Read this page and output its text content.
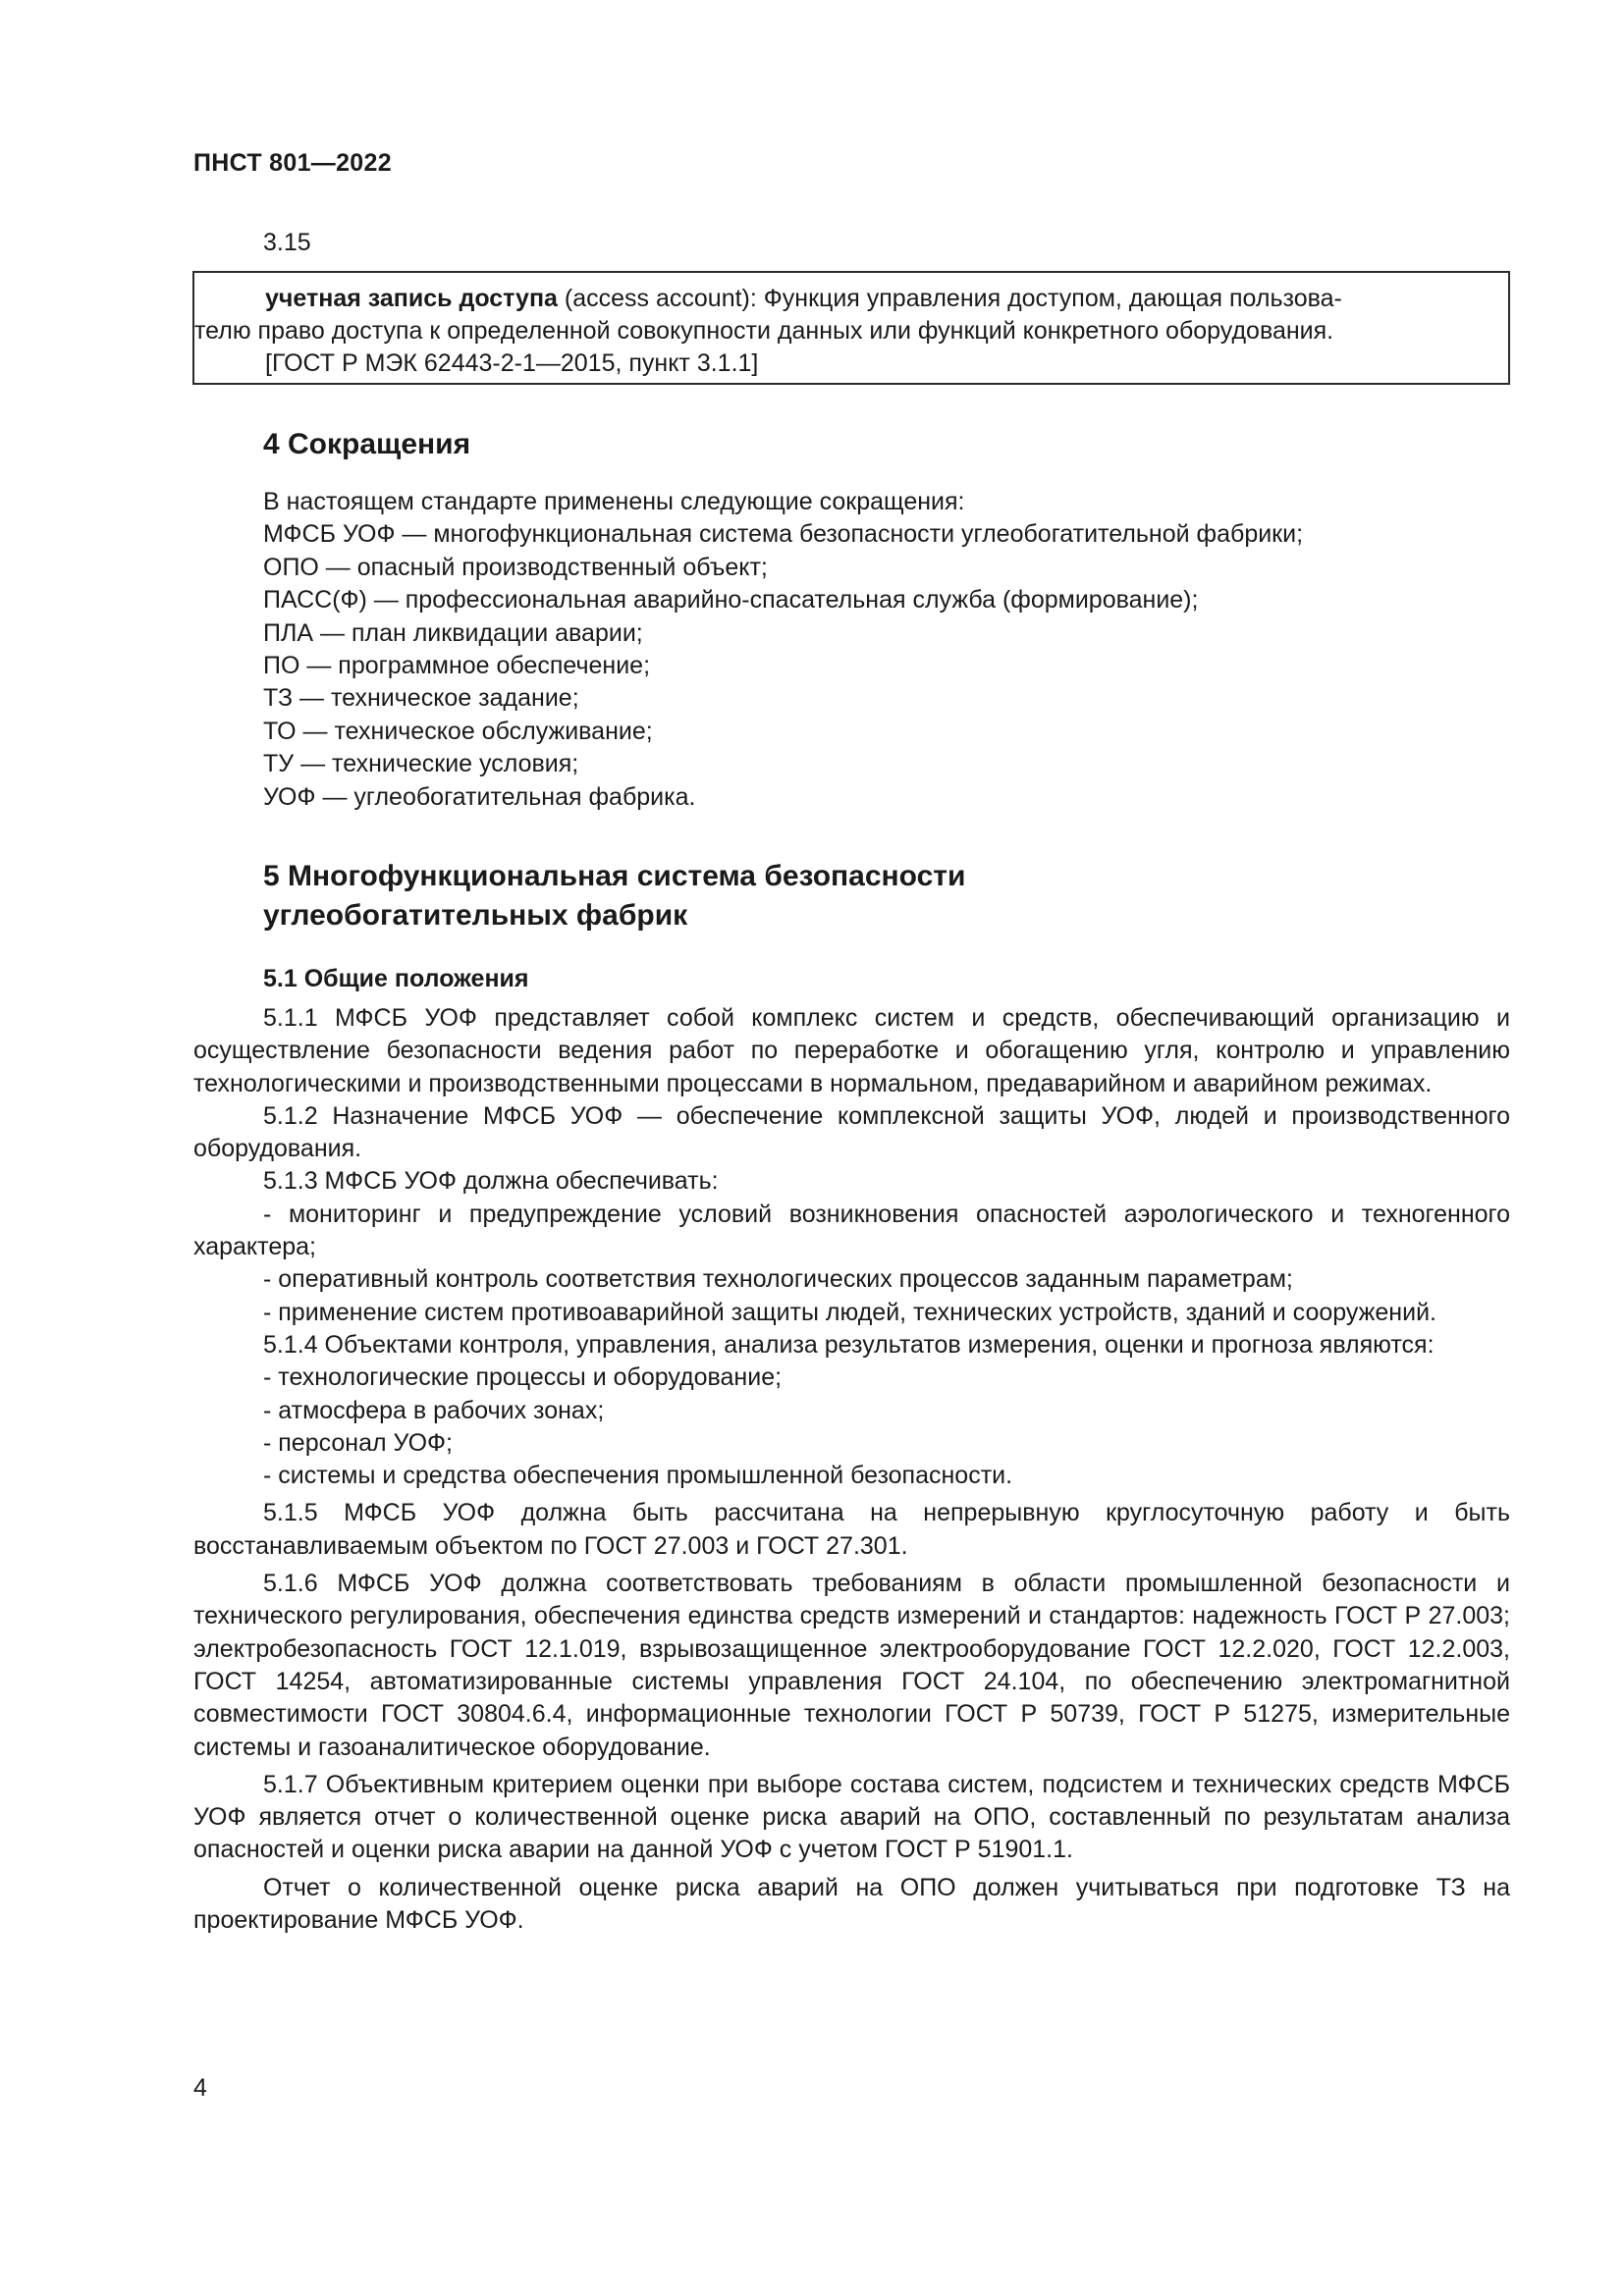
ПНСТ 801—2022
3.15

учетная запись доступа (access account): Функция управления доступом, дающая пользова-

телю право доступа к определенной совокупности данных или функций конкретного оборудования.

[ГОСТ Р МЭК 62443-2-1—2015, пункт 3.1.1]

4 Сокращения
В настоящем стандарте применены следующие сокращения:
МФСБ УОФ — многофункциональная система безопасности углеобогатительной фабрики;
ОПО — опасный производственный объект;
ПАСС(Ф) — профессиональная аварийно-спасательная служба (формирование);
ПЛА — план ликвидации аварии;
ПО — программное обеспечение;
ТЗ — техническое задание;
ТО — техническое обслуживание;
ТУ — технические условия;
УОФ — углеобогатительная фабрика.
5 Многофункциональная система безопасности
углеобогатительных фабрик
5.1 Общие положения

5.1.1 МФСБ УОФ представляет собой комплекс систем и средств, обеспечивающий организацию и осуществление безопасности ведения работ по переработке и обогащению угля, контролю и управлению технологическими и производственными процессами в нормальном, предаварийном и аварийном режимах.

5.1.2 Назначение МФСБ УОФ — обеспечение комплексной защиты УОФ, людей и производственного оборудования.

5.1.3 МФСБ УОФ должна обеспечивать:

- мониторинг и предупреждение условий возникновения опасностей аэрологического и техногенного характера;

- оперативный контроль соответствия технологических процессов заданным параметрам;

- применение систем противоаварийной защиты людей, технических устройств, зданий и сооружений.

5.1.4 Объектами контроля, управления, анализа результатов измерения, оценки и прогноза являются:

- технологические процессы и оборудование;

- атмосфера в рабочих зонах;

- персонал УОФ;

- системы и средства обеспечения промышленной безопасности.

5.1.5 МФСБ УОФ должна быть рассчитана на непрерывную круглосуточную работу и быть восстанавливаемым объектом по ГОСТ 27.003 и ГОСТ 27.301.

5.1.6 МФСБ УОФ должна соответствовать требованиям в области промышленной безопасности и технического регулирования, обеспечения единства средств измерений и стандартов: надежность ГОСТ Р 27.003; электробезопасность ГОСТ 12.1.019, взрывозащищенное электрооборудование ГОСТ 12.2.020, ГОСТ 12.2.003, ГОСТ 14254, автоматизированные системы управления ГОСТ 24.104, по обеспечению электромагнитной совместимости ГОСТ 30804.6.4, информационные технологии ГОСТ Р 50739, ГОСТ Р 51275, измерительные системы и газоаналитическое оборудование.

5.1.7 Объективным критерием оценки при выборе состава систем, подсистем и технических средств МФСБ УОФ является отчет о количественной оценке риска аварий на ОПО, составленный по результатам анализа опасностей и оценки риска аварии на данной УОФ с учетом ГОСТ Р 51901.1.

Отчет о количественной оценке риска аварий на ОПО должен учитываться при подготовке ТЗ на проектирование МФСБ УОФ.

4
